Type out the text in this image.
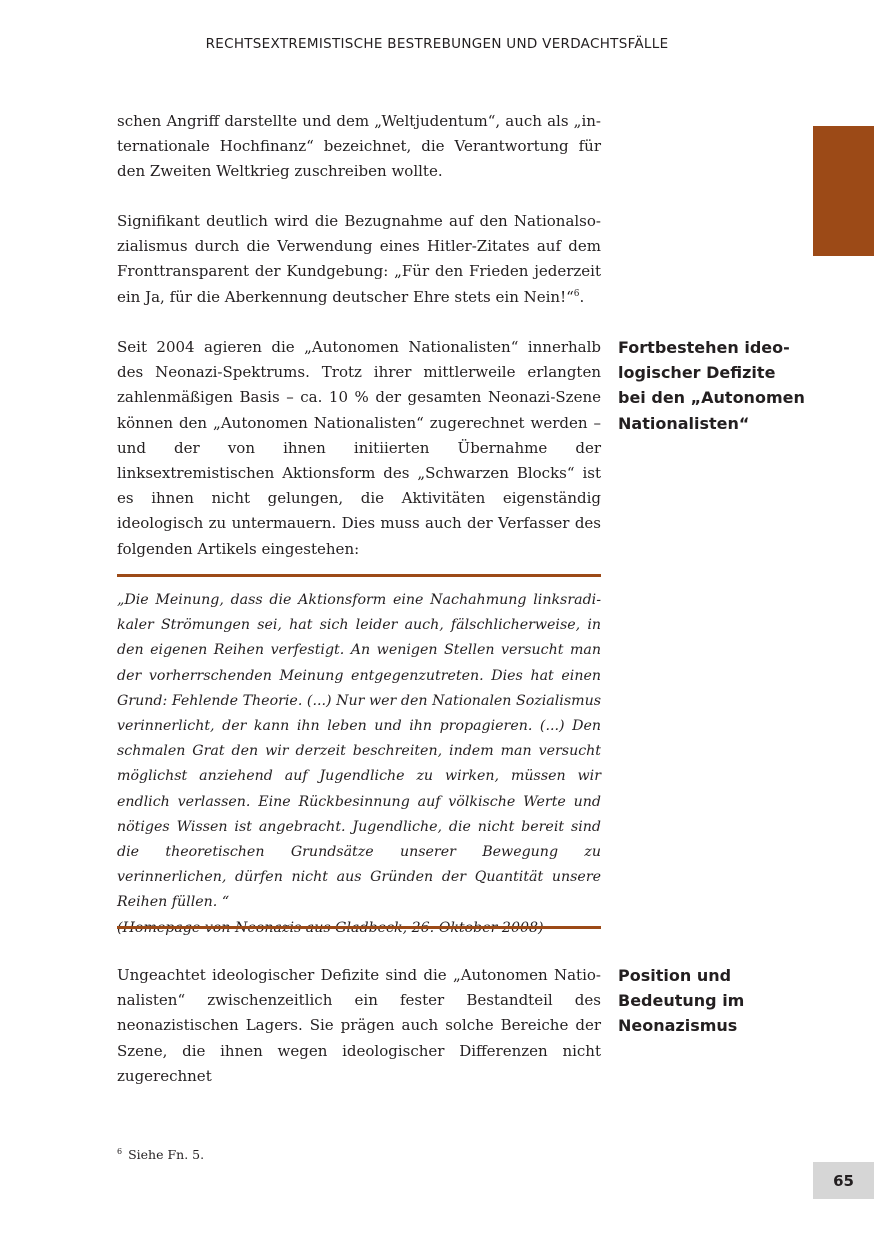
RECHTSEXTREMISTISCHE BESTREBUNGEN UND VERDACHTSFÄLLE

schen Angriff darstellte und dem „Weltjudentum“, auch als „internationale Hochfinanz“ bezeichnet, die Verantwortung für den Zweiten Weltkrieg zuschreiben wollte.

Signifikant deutlich wird die Bezugnahme auf den Nationalsozialismus durch die Verwendung eines Hitler-Zitates auf dem Fronttransparent der Kundgebung: „Für den Frieden jederzeit ein Ja, für die Aberkennung deutscher Ehre stets ein Nein!“$^6$.

Seit 2004 agieren die „Autonomen Nationalisten“ innerhalb des Neonazi-Spektrums. Trotz ihrer mittlerweile erlangten zahlenmäßigen Basis – ca. 10 % der gesamten Neonazi-Szene können den „Autonomen Nationalisten“ zugerechnet werden – und der von ihnen initiierten Übernahme der linksextremistischen Aktionsform des „Schwarzen Blocks“ ist es ihnen nicht gelungen, die Aktivitäten eigenständig ideologisch zu untermauern. Dies muss auch der Verfasser des folgenden Artikels eingestehen:

Fortbestehen ideologischer Defizite bei den „Autonomen Nationalisten“

„Die Meinung, dass die Aktionsform eine Nachahmung linksradikaler Strömungen sei, hat sich leider auch, fälschlicherweise, in den eigenen Reihen verfestigt. An wenigen Stellen versucht man der vorherrschenden Meinung entgegenzutreten. Dies hat einen Grund: Fehlende Theorie. (...) Nur wer den Nationalen Sozialismus verinnerlicht, der kann ihn leben und ihn propagieren. (...) Den schmalen Grat den wir derzeit beschreiten, indem man versucht möglichst anziehend auf Jugendliche zu wirken, müssen wir endlich verlassen. Eine Rückbesinnung auf völkische Werte und nötiges Wissen ist angebracht. Jugendliche, die nicht bereit sind die theoretischen Grundsätze unserer Bewegung zu verinnerlichen, dürfen nicht aus Gründen der Quantität unsere Reihen füllen. “

Ungeachtet ideologischer Defizite sind die „Autonomen Nationalisten“ zwischenzeitlich ein fester Bestandteil des neonazistischen Lagers. Sie prägen auch solche Bereiche der Szene, die ihnen wegen ideologischer Differenzen nicht zugerechnet

Position und Bedeutung im Neonazismus

$^6$ Siehe Fn. 5.
65
